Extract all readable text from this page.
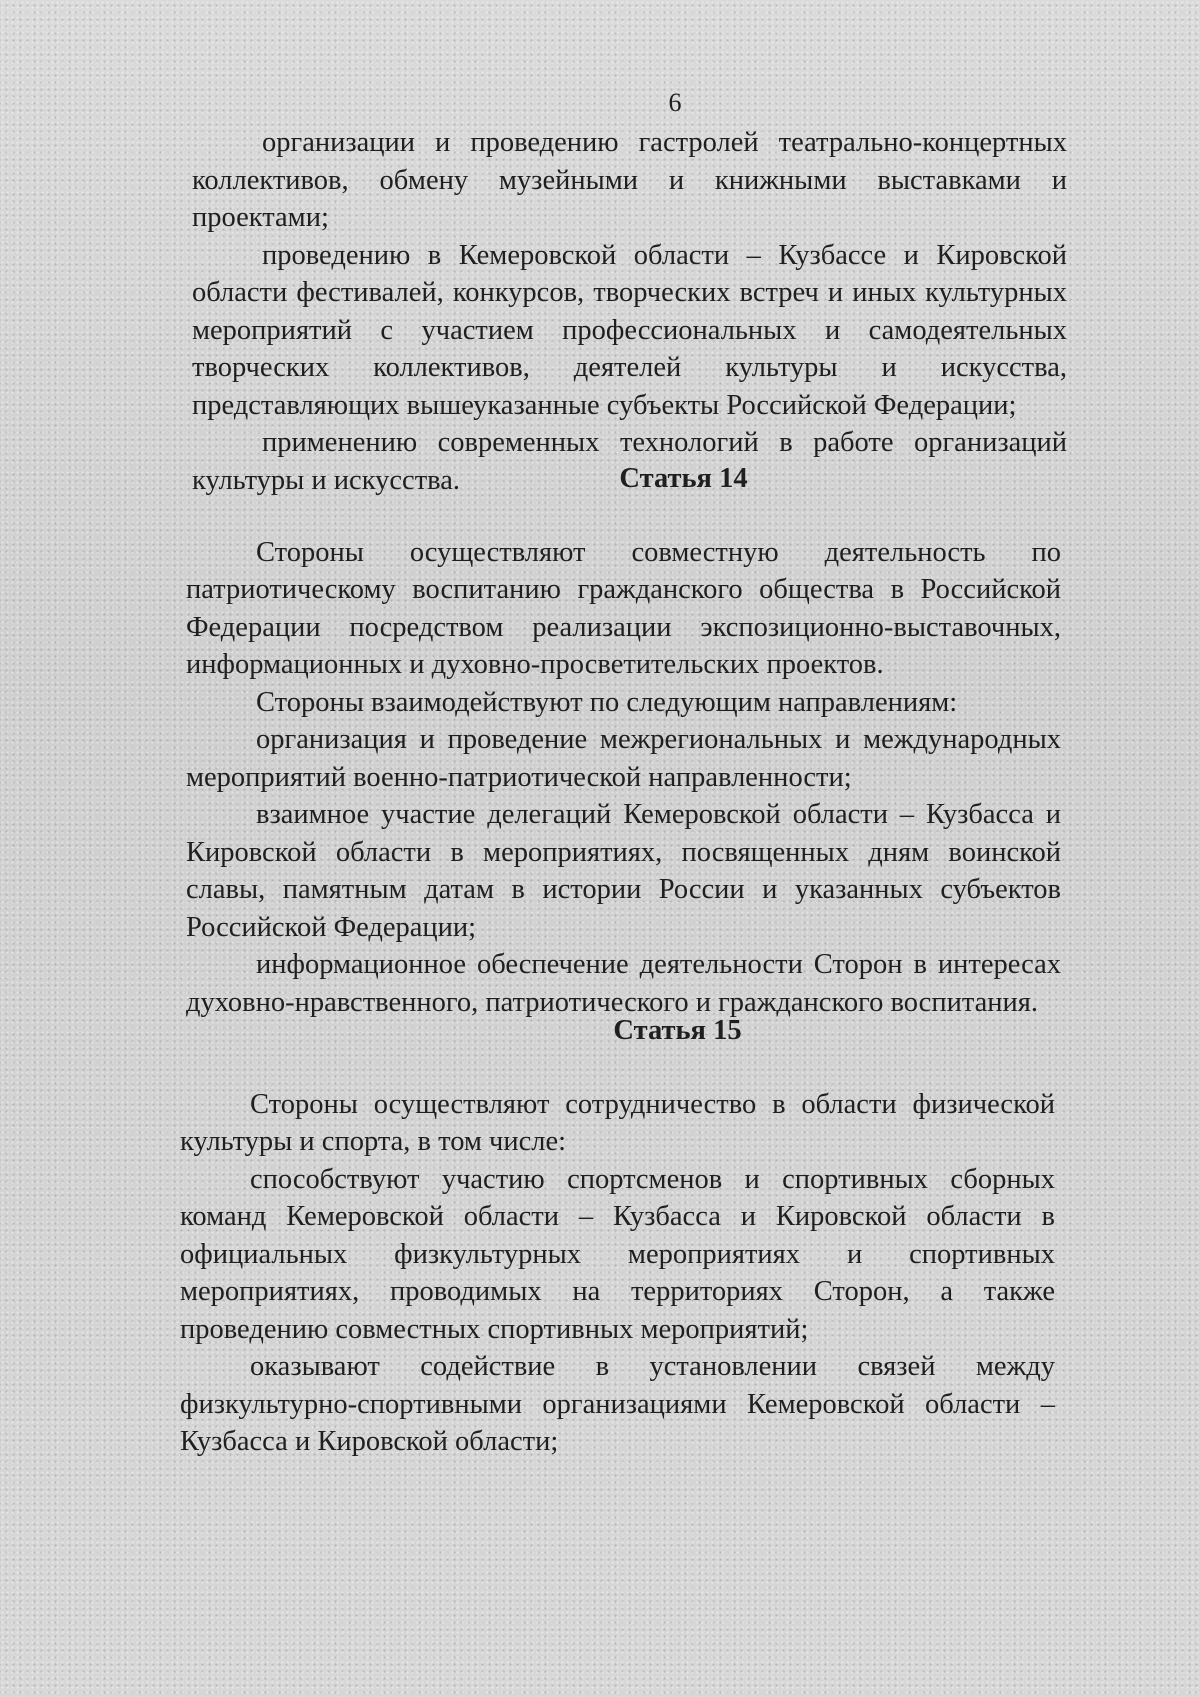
6

организации и проведению гастролей театрально-концертных коллективов, обмену музейными и книжными выставками и проектами;

проведению в Кемеровской области – Кузбассе и Кировской области фестивалей, конкурсов, творческих встреч и иных культурных мероприятий с участием профессиональных и самодеятельных творческих коллективов, деятелей культуры и искусства, представляющих вышеуказанные субъекты Российской Федерации;

применению современных технологий в работе организаций культуры и искусства.	Статья 14

Стороны осуществляют совместную деятельность по патриотическому воспитанию гражданского общества в Российской Федерации посредством реализации экспозиционно-выставочных, информационных и духовно-просветительских проектов.

Стороны взаимодействуют по следующим направлениям:

организация и проведение межрегиональных и международных мероприятий военно-патриотической направленности;

взаимное участие делегаций Кемеровской области – Кузбасса и Кировской области в мероприятиях, посвященных дням воинской славы, памятным датам в истории России и указанных субъектов Российской Федерации;

информационное обеспечение деятельности Сторон в интересах духовно-нравственного, патриотического и гражданского воспитания.

Статья 15

Стороны осуществляют сотрудничество в области физической культуры и спорта, в том числе:

способствуют участию спортсменов и спортивных сборных команд Кемеровской области – Кузбасса и Кировской области в официальных физкультурных мероприятиях и спортивных мероприятиях, проводимых на территориях Сторон, а также проведению совместных спортивных мероприятий;

оказывают содействие в установлении связей между физкультурно-спортивными организациями Кемеровской области – Кузбасса и Кировской области;
